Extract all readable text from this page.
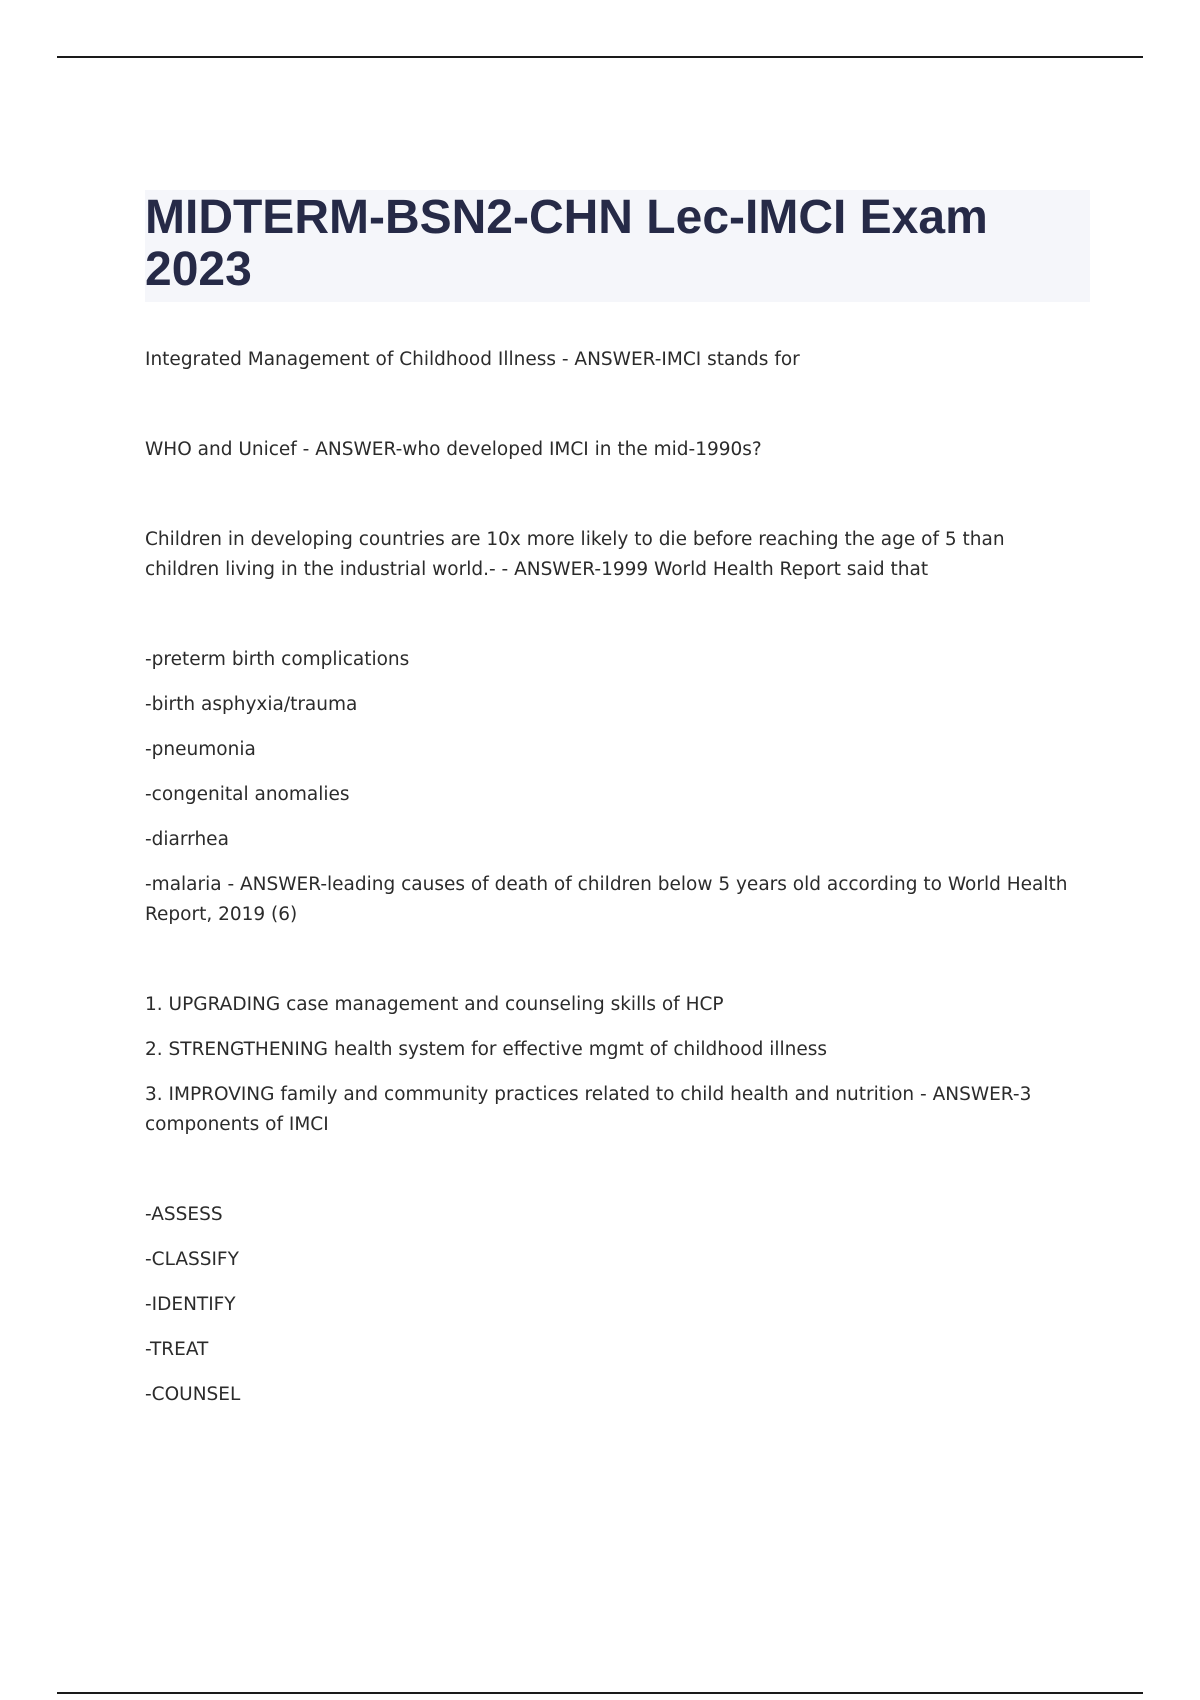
MIDTERM-BSN2-CHN Lec-IMCI Exam 2023

Integrated Management of Childhood Illness - ANSWER-IMCI stands for

WHO and Unicef - ANSWER-who developed IMCI in the mid-1990s?

Children in developing countries are 10x more likely to die before reaching the age of 5 than children living in the industrial world.- - ANSWER-1999 World Health Report said that

-preterm birth complications

-birth asphyxia/trauma

-pneumonia

-congenital anomalies

-diarrhea

-malaria - ANSWER-leading causes of death of children below 5 years old according to World Health Report, 2019 (6)

1. UPGRADING case management and counseling skills of HCP

2. STRENGTHENING health system for effective mgmt of childhood illness

3. IMPROVING family and community practices related to child health and nutrition - ANSWER-3 components of IMCI

-ASSESS

-CLASSIFY

-IDENTIFY

-TREAT

-COUNSEL
